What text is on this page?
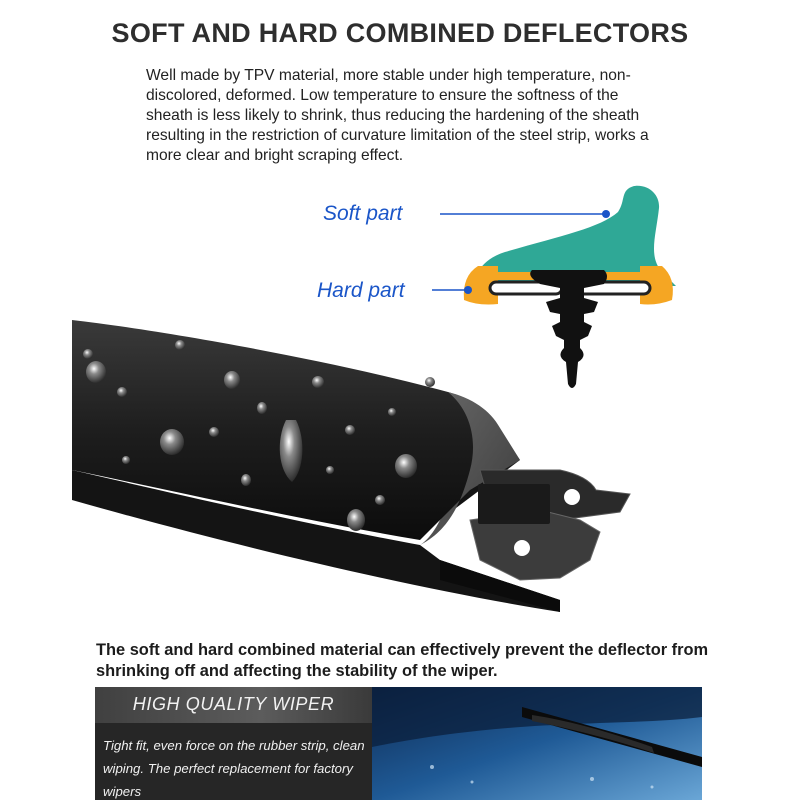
SOFT AND HARD COMBINED DEFLECTORS

Well made by TPV material, more stable under high temperature, non-discolored, deformed. Low temperature to ensure the softness of the sheath is less likely to shrink, thus reducing the hardening of the sheath resulting in the restriction of curvature limitation of the steel strip, works a more clear and bright scraping effect.

Soft part
Hard part

The soft and hard combined material can effectively prevent the deflector from shrinking off and affecting the stability of the wiper.

HIGH QUALITY WIPER

Tight fit, even force on the rubber strip, clean wiping. The perfect replacement for factory wipers
